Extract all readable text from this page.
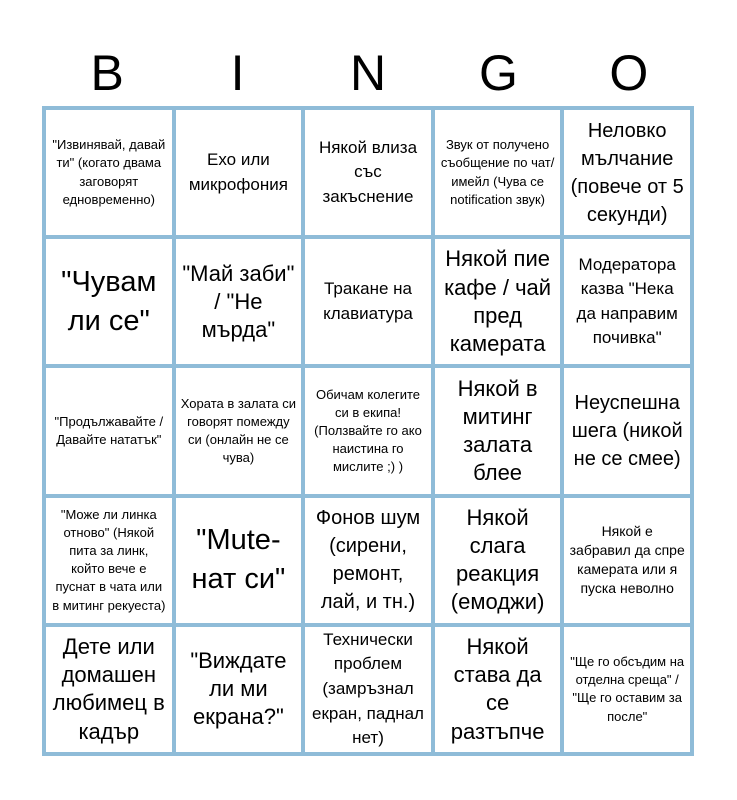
B	I	N	G	O
"Извинявай, давай ти" (когато двама заговорят едновременно)
Ехо или микрофония
Някой влиза със закъснение
Звук от получено съобщение по чат/имейл (Чува се notification звук)
Неловко мълчание (повече от 5 секунди)
"Чувам ли се"
"Май заби" / "Не мърда"
Тракане на клавиатура
Някой пие кафе / чай пред камерата
Модератора казва "Нека да направим почивка"
"Продължавайте / Давайте нататък"
Хората в залата си говорят помежду си (онлайн не се чува)
Обичам колегите си в екипа! (Ползвайте го ако наистина го мислите ;) )
Някой в митинг залата блее
Неуспешна шега (никой не се смее)
"Може ли линка отново" (Някой пита за линк, който вече е пуснат в чата или в митинг рекуеста)
"Mute-нат си"
Фонов шум (сирени, ремонт, лай, и тн.)
Някой слага реакция (емоджи)
Някой е забравил да спре камерата или я пуска неволно
Дете или домашен любимец в кадър
"Виждате ли ми екрана?"
Технически проблем (замръзнал екран, паднал нет)
Някой става да се разтъпче
"Ще го обсъдим на отделна среща" / "Ще го оставим за после"
